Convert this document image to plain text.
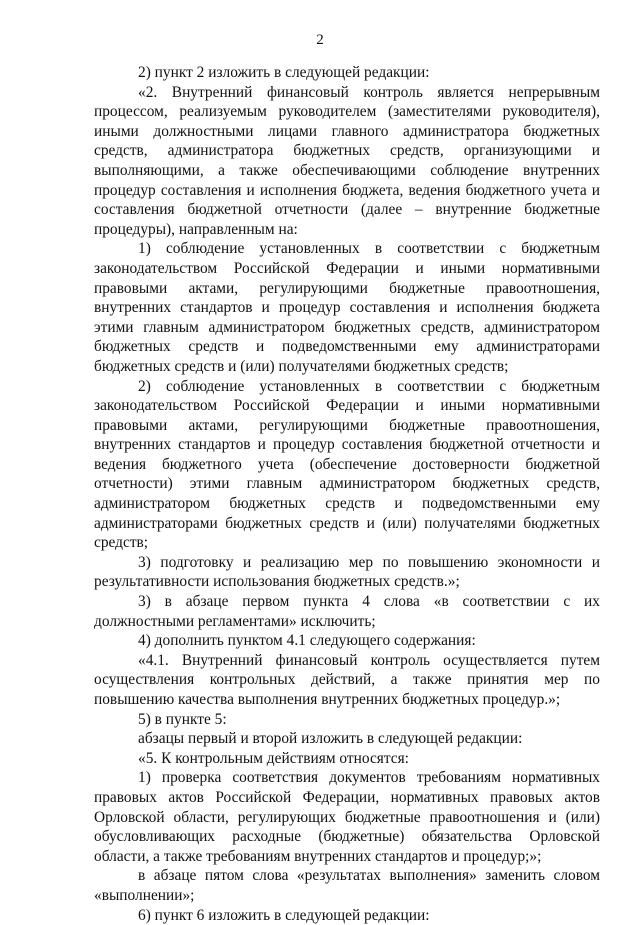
2

2) пункт 2 изложить в следующей редакции:

«2. Внутренний финансовый контроль является непрерывным процессом, реализуемым руководителем (заместителями руководителя), иными должностными лицами главного администратора бюджетных средств, администратора бюджетных средств, организующими и выполняющими, а также обеспечивающими соблюдение внутренних процедур составления и исполнения бюджета, ведения бюджетного учета и составления бюджетной отчетности (далее – внутренние бюджетные процедуры), направленным на:

1) соблюдение установленных в соответствии с бюджетным законодательством Российской Федерации и иными нормативными правовыми актами, регулирующими бюджетные правоотношения, внутренних стандартов и процедур составления и исполнения бюджета этими главным администратором бюджетных средств, администратором бюджетных средств и подведомственными ему администраторами бюджетных средств и (или) получателями бюджетных средств;

2) соблюдение установленных в соответствии с бюджетным законодательством Российской Федерации и иными нормативными правовыми актами, регулирующими бюджетные правоотношения, внутренних стандартов и процедур составления бюджетной отчетности и ведения бюджетного учета (обеспечение достоверности бюджетной отчетности) этими главным администратором бюджетных средств, администратором бюджетных средств и подведомственными ему администраторами бюджетных средств и (или) получателями бюджетных средств;

3) подготовку и реализацию мер по повышению экономности и результативности использования бюджетных средств.»;

3) в абзаце первом пункта 4 слова «в соответствии с их должностными регламентами» исключить;

4) дополнить пунктом 4.1 следующего содержания:

«4.1. Внутренний финансовый контроль осуществляется путем осуществления контрольных действий, а также принятия мер по повышению качества выполнения внутренних бюджетных процедур.»;

5) в пункте 5:

абзацы первый и второй изложить в следующей редакции:

«5. К контрольным действиям относятся:

1) проверка соответствия документов требованиям нормативных правовых актов Российской Федерации, нормативных правовых актов Орловской области, регулирующих бюджетные правоотношения и (или) обусловливающих расходные (бюджетные) обязательства Орловской области, а также требованиям внутренних стандартов и процедур;»;

в абзаце пятом слова «результатах выполнения» заменить словом «выполнении»;

6) пункт 6 изложить в следующей редакции:
